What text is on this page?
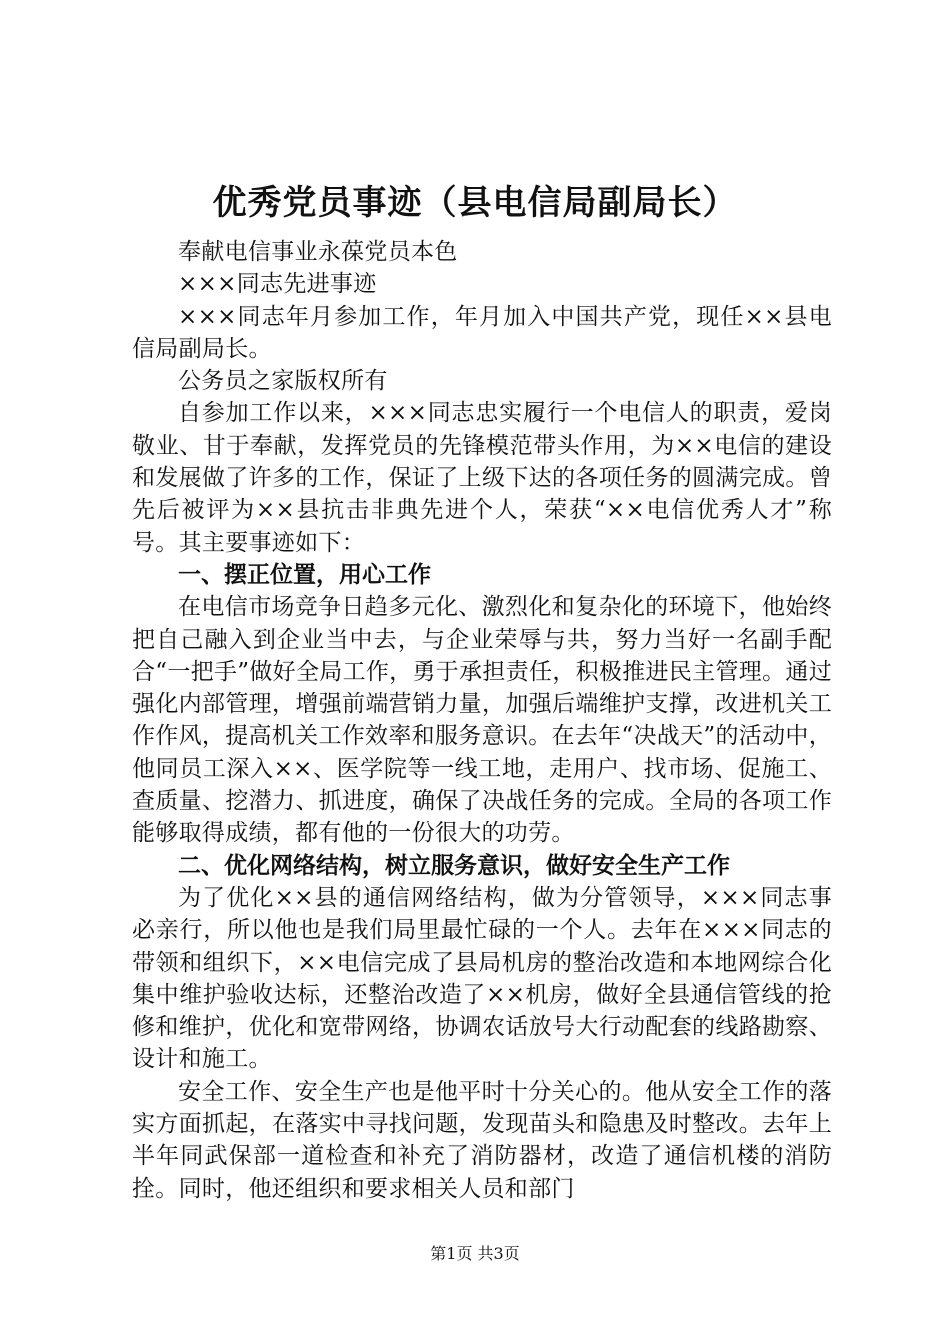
优秀党员事迹（县电信局副局长）

奉献电信事业永葆党员本色

×××同志先进事迹

×××同志年月参加工作，年月加入中国共产党，现任××县电信局副局长。

公务员之家版权所有

自参加工作以来，×××同志忠实履行一个电信人的职责，爱岗敬业、甘于奉献，发挥党员的先锋模范带头作用，为××电信的建设和发展做了许多的工作，保证了上级下达的各项任务的圆满完成。曾先后被评为××县抗击非典先进个人，荣获“××电信优秀人才”称号。其主要事迹如下：

一、摆正位置，用心工作

在电信市场竞争日趋多元化、激烈化和复杂化的环境下，他始终把自己融入到企业当中去，与企业荣辱与共，努力当好一名副手配合“一把手”做好全局工作，勇于承担责任，积极推进民主管理。通过强化内部管理，增强前端营销力量，加强后端维护支撑，改进机关工作作风，提高机关工作效率和服务意识。在去年“决战天”的活动中，他同员工深入××、医学院等一线工地，走用户、找市场、促施工、查质量、挖潜力、抓进度，确保了决战任务的完成。全局的各项工作能够取得成绩，都有他的一份很大的功劳。

二、优化网络结构，树立服务意识，做好安全生产工作

为了优化××县的通信网络结构，做为分管领导，×××同志事必亲行，所以他也是我们局里最忙碌的一个人。去年在×××同志的带领和组织下，××电信完成了县局机房的整治改造和本地网综合化集中维护验收达标，还整治改造了××机房，做好全县通信管线的抢修和维护，优化和宽带网络，协调农话放号大行动配套的线路勘察、设计和施工。

安全工作、安全生产也是他平时十分关心的。他从安全工作的落实方面抓起，在落实中寻找问题，发现苗头和隐患及时整改。去年上半年同武保部一道检查和补充了消防器材，改造了通信机楼的消防拴。同时，他还组织和要求相关人员和部门

第1页 共3页
